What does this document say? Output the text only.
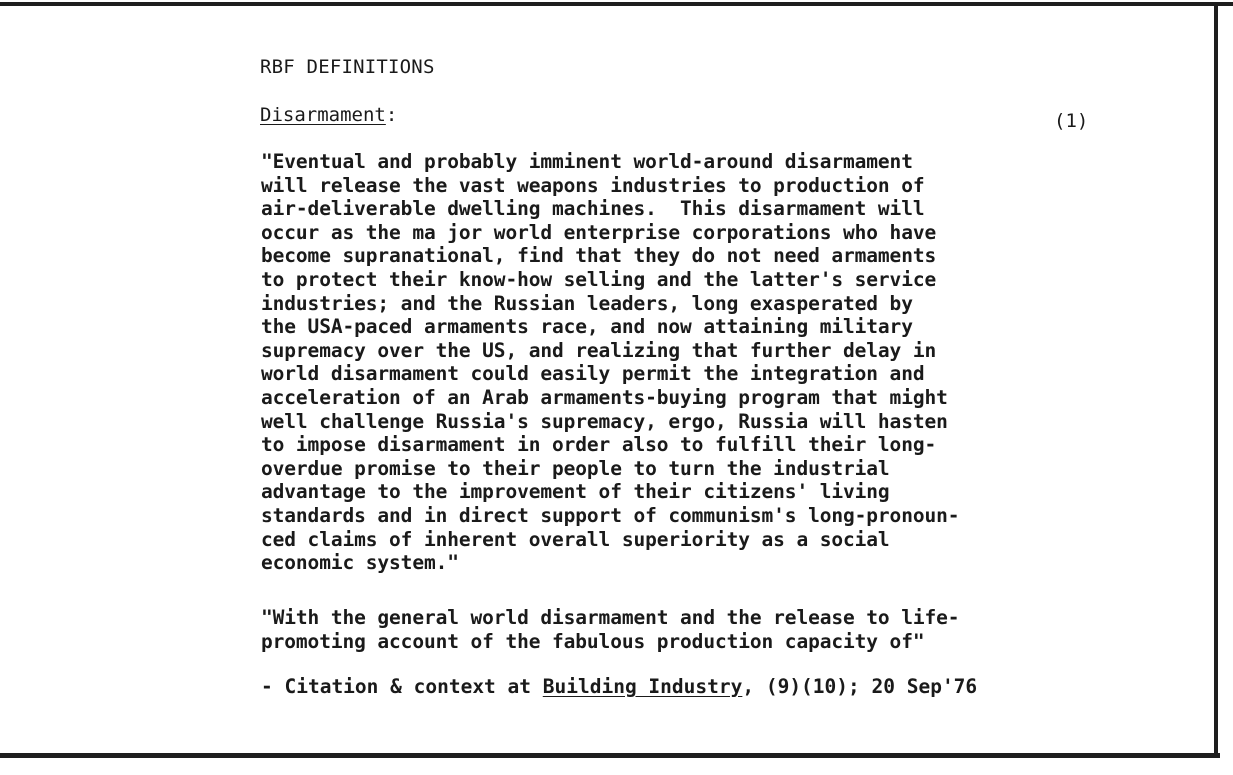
RBF DEFINITIONS
Disarmament:	(1)
"Eventual and probably imminent world-around disarmament
will release the vast weapons industries to production of
air-deliverable dwelling machines.  This disarmament will
occur as the ma jor world enterprise corporations who have
become supranational, find that they do not need armaments
to protect their know-how selling and the latter's service
industries; and the Russian leaders, long exasperated by
the USA-paced armaments race, and now attaining military
supremacy over the US, and realizing that further delay in
world disarmament could easily permit the integration and
acceleration of an Arab armaments-buying program that might
well challenge Russia's supremacy, ergo, Russia will hasten
to impose disarmament in order also to fulfill their long-
overdue promise to their people to turn the industrial
advantage to the improvement of their citizens' living
standards and in direct support of communism's long-pronoun-
ced claims of inherent overall superiority as a social
economic system."
"With the general world disarmament and the release to life-
promoting account of the fabulous production capacity of"
- Citation & context at Building Industry, (9)(10); 20 Sep'76
